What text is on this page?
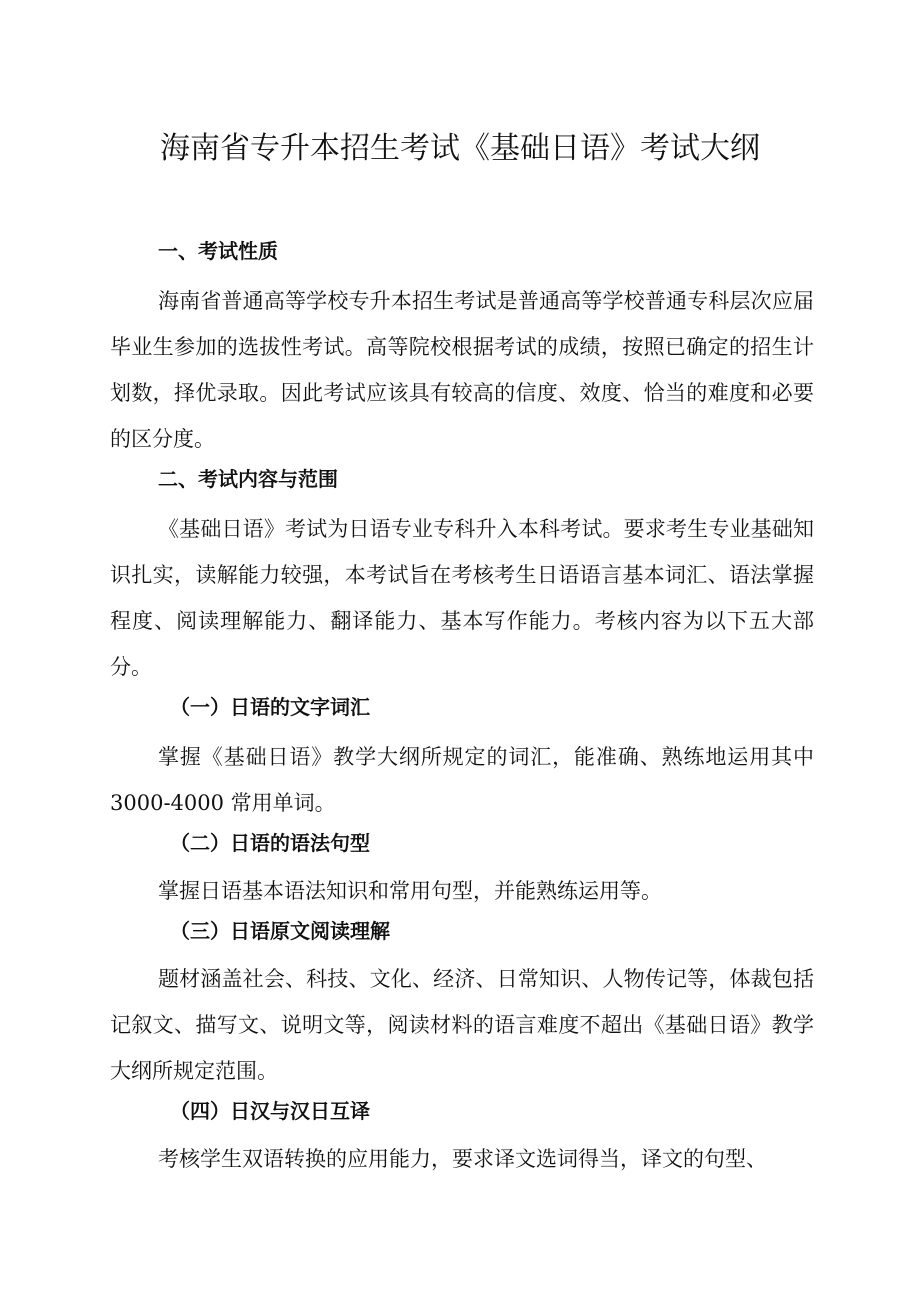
海南省专升本招生考试《基础日语》考试大纲
一、考试性质

海南省普通高等学校专升本招生考试是普通高等学校普通专科层次应届毕业生参加的选拔性考试。高等院校根据考试的成绩，按照已确定的招生计划数，择优录取。因此考试应该具有较高的信度、效度、恰当的难度和必要的区分度。

二、考试内容与范围

《基础日语》考试为日语专业专科升入本科考试。要求考生专业基础知识扎实，读解能力较强，本考试旨在考核考生日语语言基本词汇、语法掌握程度、阅读理解能力、翻译能力、基本写作能力。考核内容为以下五大部分。

（一）日语的文字词汇

掌握《基础日语》教学大纲所规定的词汇，能准确、熟练地运用其中 3000-4000 常用单词。

（二）日语的语法句型

掌握日语基本语法知识和常用句型，并能熟练运用等。

（三）日语原文阅读理解

题材涵盖社会、科技、文化、经济、日常知识、人物传记等，体裁包括记叙文、描写文、说明文等，阅读材料的语言难度不超出《基础日语》教学大纲所规定范围。

（四）日汉与汉日互译

考核学生双语转换的应用能力，要求译文选词得当，译文的句型、
